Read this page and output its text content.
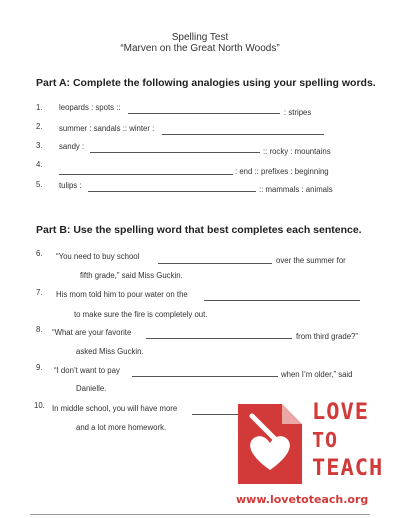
Spelling Test
“Marven on the Great North Woods”
Part A: Complete the following analogies using your spelling words.
1. leopards : spots ::
: stripes
2. summer : sandals :: winter :
3. sandy :
:: rocky : mountains
4.
: end :: prefixes : beginning
5. tulips :	:: mammals : animals
Part B: Use the spelling word that best completes each sentence.
6. “You need to buy school	over the summer for
fifth grade,” said Miss Guckin.
7. His mom told him to pour water on the
to make sure the fire is completely out.
8. “What are your favorite	from third grade?”
asked Miss Guckin.
9. “I don’t want to pay	when I’m older,” said
Danielle.
10. In middle school, you will have more
and a lot more homework.
LOVE
TO
TEACH
www.lovetoteach.org
